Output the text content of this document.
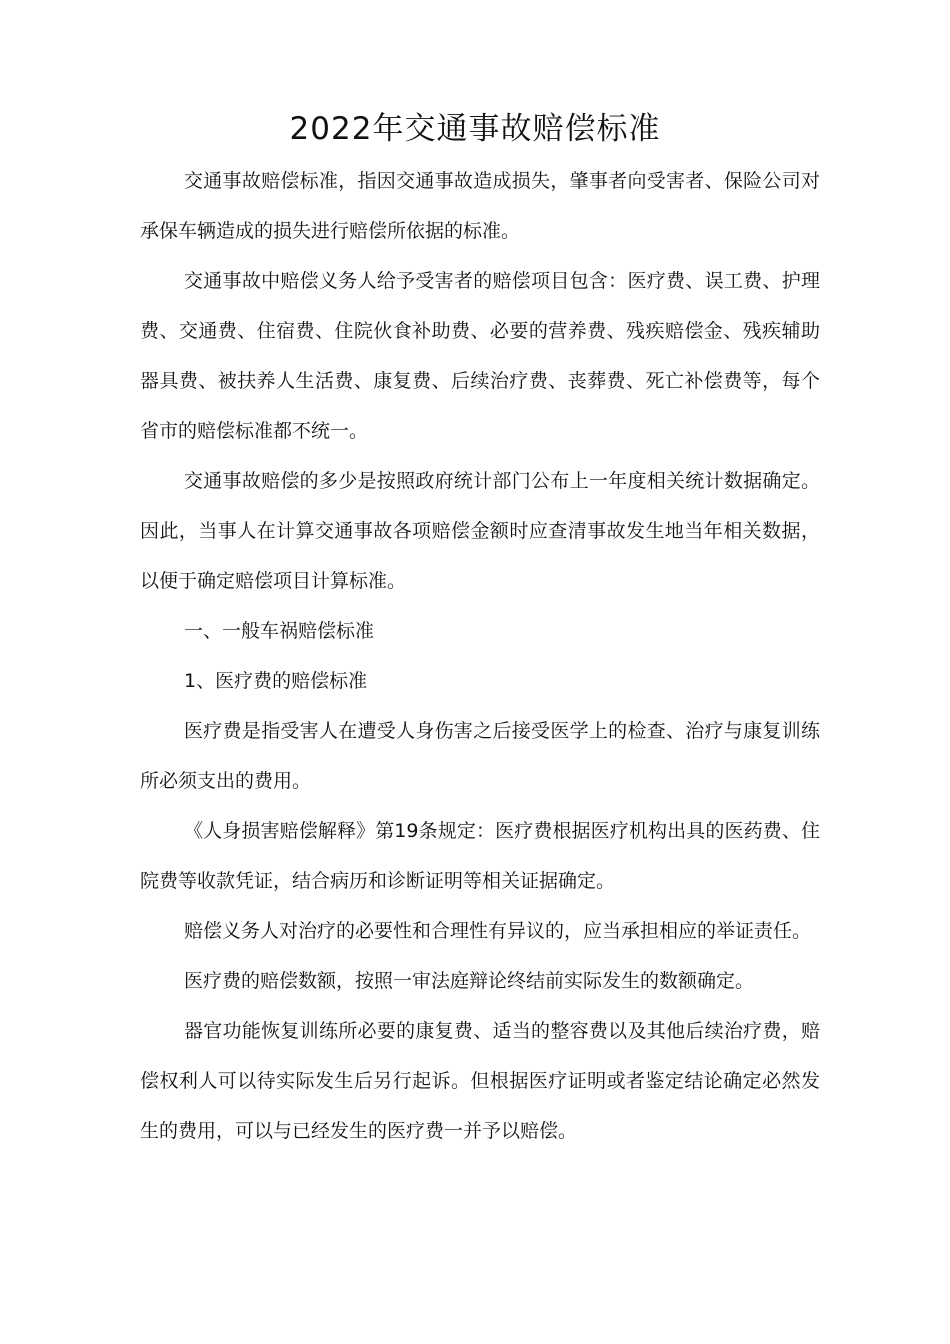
2022年交通事故赔偿标准

交通事故赔偿标准，指因交通事故造成损失，肇事者向受害者、保险公司对承保车辆造成的损失进行赔偿所依据的标准。

交通事故中赔偿义务人给予受害者的赔偿项目包含：医疗费、误工费、护理费、交通费、住宿费、住院伙食补助费、必要的营养费、残疾赔偿金、残疾辅助器具费、被扶养人生活费、康复费、后续治疗费、丧葬费、死亡补偿费等，每个省市的赔偿标准都不统一。

交通事故赔偿的多少是按照政府统计部门公布上一年度相关统计数据确定。因此，当事人在计算交通事故各项赔偿金额时应查清事故发生地当年相关数据，以便于确定赔偿项目计算标准。

一、一般车祸赔偿标准

1、医疗费的赔偿标准

医疗费是指受害人在遭受人身伤害之后接受医学上的检查、治疗与康复训练所必须支出的费用。

《人身损害赔偿解释》第19条规定：医疗费根据医疗机构出具的医药费、住院费等收款凭证，结合病历和诊断证明等相关证据确定。

赔偿义务人对治疗的必要性和合理性有异议的，应当承担相应的举证责任。

医疗费的赔偿数额，按照一审法庭辩论终结前实际发生的数额确定。

器官功能恢复训练所必要的康复费、适当的整容费以及其他后续治疗费，赔偿权利人可以待实际发生后另行起诉。但根据医疗证明或者鉴定结论确定必然发生的费用，可以与已经发生的医疗费一并予以赔偿。
